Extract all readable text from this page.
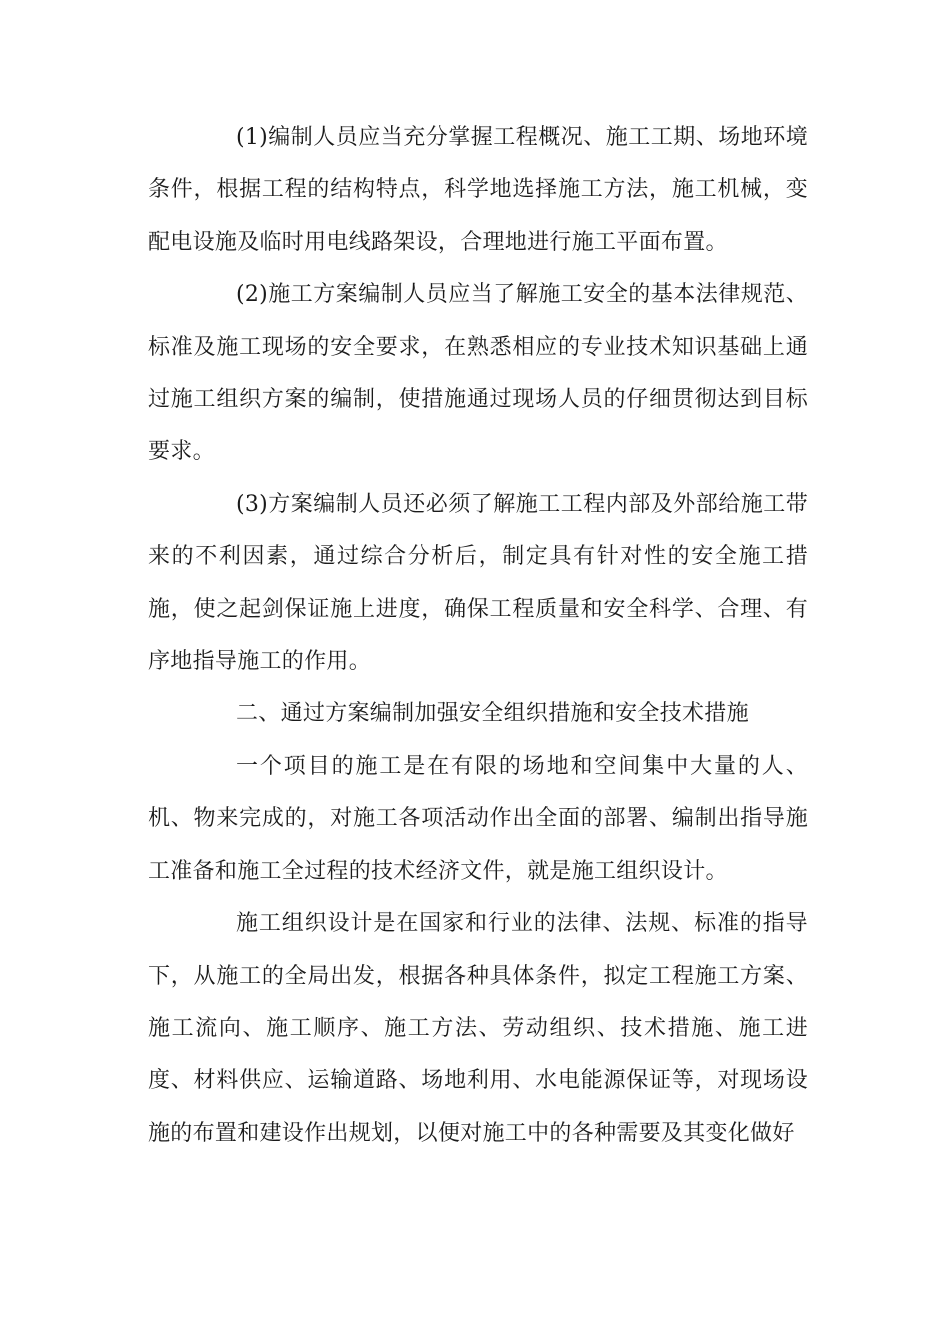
(1)编制人员应当充分掌握工程概况、施工工期、场地环境条件，根据工程的结构特点，科学地选择施工方法，施工机械，变配电设施及临时用电线路架设，合理地进行施工平面布置。

(2)施工方案编制人员应当了解施工安全的基本法律规范、标准及施工现场的安全要求，在熟悉相应的专业技术知识基础上通过施工组织方案的编制，使措施通过现场人员的仔细贯彻达到目标要求。

(3)方案编制人员还必须了解施工工程内部及外部给施工带来的不利因素，通过综合分析后，制定具有针对性的安全施工措施，使之起剑保证施上进度，确保工程质量和安全科学、合理、有序地指导施工的作用。

二、通过方案编制加强安全组织措施和安全技术措施

一个项目的施工是在有限的场地和空间集中大量的人、机、物来完成的，对施工各项活动作出全面的部署、编制出指导施工准备和施工全过程的技术经济文件，就是施工组织设计。

施工组织设计是在国家和行业的法律、法规、标准的指导下，从施工的全局出发，根据各种具体条件，拟定工程施工方案、施工流向、施工顺序、施工方法、劳动组织、技术措施、施工进度、材料供应、运输道路、场地利用、水电能源保证等，对现场设施的布置和建设作出规划，以便对施工中的各种需要及其变化做好
